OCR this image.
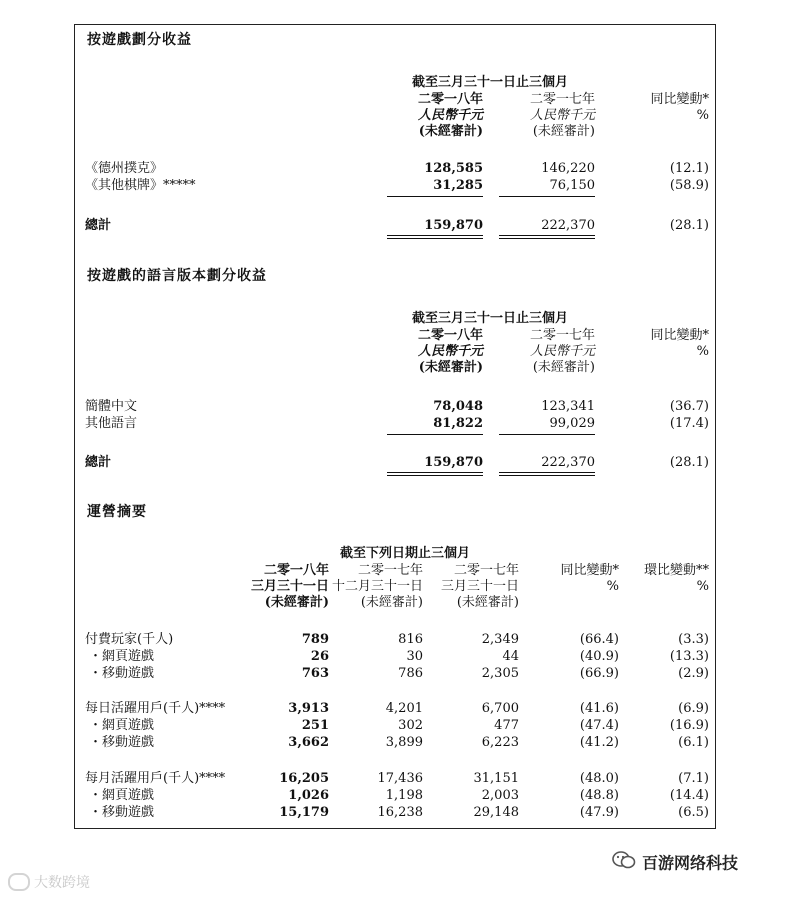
按遊戲劃分收益
截至三月三十一日止三個月
二零一八年
人民幣千元
(未經審計)
二零一七年
人民幣千元
(未經審計)
同比變動*
%
《德州撲克》	128,585	146,220	(12.1)
《其他棋牌》*****	31,285	76,150	(58.9)
總計	159,870	222,370	(28.1)
按遊戲的語言版本劃分收益
截至三月三十一日止三個月
二零一八年
人民幣千元
(未經審計)
二零一七年
人民幣千元
(未經審計)
同比變動*
%
簡體中文	78,048	123,341	(36.7)
其他語言	81,822	99,029	(17.4)
總計	159,870	222,370	(28.1)
運營摘要
截至下列日期止三個月
二零一八年
三月三十一日
(未經審計)
二零一七年
十二月三十一日
(未經審計)
二零一七年
三月三十一日
(未經審計)
同比變動*
%
環比變動**
%
付費玩家(千人)	789	816	2,349	(66.4)	(3.3)
・網頁遊戲	26	30	44	(40.9)	(13.3)
・移動遊戲	763	786	2,305	(66.9)	(2.9)
每日活躍用戶(千人)****	3,913	4,201	6,700	(41.6)	(6.9)
・網頁遊戲	251	302	477	(47.4)	(16.9)
・移動遊戲	3,662	3,899	6,223	(41.2)	(6.1)
每月活躍用戶(千人)****	16,205	17,436	31,151	(48.0)	(7.1)
・網頁遊戲	1,026	1,198	2,003	(48.8)	(14.4)
・移動遊戲	15,179	16,238	29,148	(47.9)	(6.5)
大数跨境
百游网络科技
